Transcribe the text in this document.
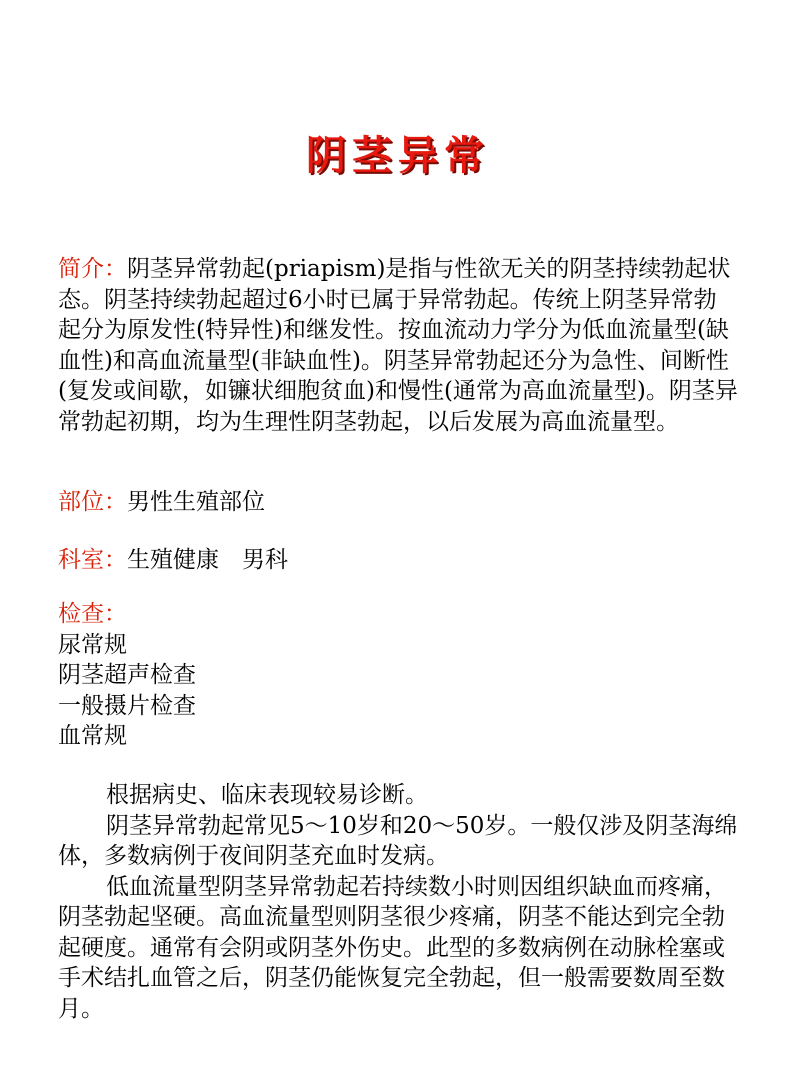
阴茎异常
简介：阴茎异常勃起(priapism)是指与性欲无关的阴茎持续勃起状态。阴茎持续勃起超过6小时已属于异常勃起。传统上阴茎异常勃起分为原发性(特异性)和继发性。按血流动力学分为低血流量型(缺血性)和高血流量型(非缺血性)。阴茎异常勃起还分为急性、间断性(复发或间歇，如镰状细胞贫血)和慢性(通常为高血流量型)。阴茎异常勃起初期，均为生理性阴茎勃起，以后发展为高血流量型。
部位：男性生殖部位
科室：生殖健康　男科
检查：
尿常规
阴茎超声检查
一般摄片检查
血常规
根据病史、临床表现较易诊断。
阴茎异常勃起常见5～10岁和20～50岁。一般仅涉及阴茎海绵体，多数病例于夜间阴茎充血时发病。
低血流量型阴茎异常勃起若持续数小时则因组织缺血而疼痛，阴茎勃起坚硬。高血流量型则阴茎很少疼痛，阴茎不能达到完全勃起硬度。通常有会阴或阴茎外伤史。此型的多数病例在动脉栓塞或手术结扎血管之后，阴茎仍能恢复完全勃起，但一般需要数周至数月。
